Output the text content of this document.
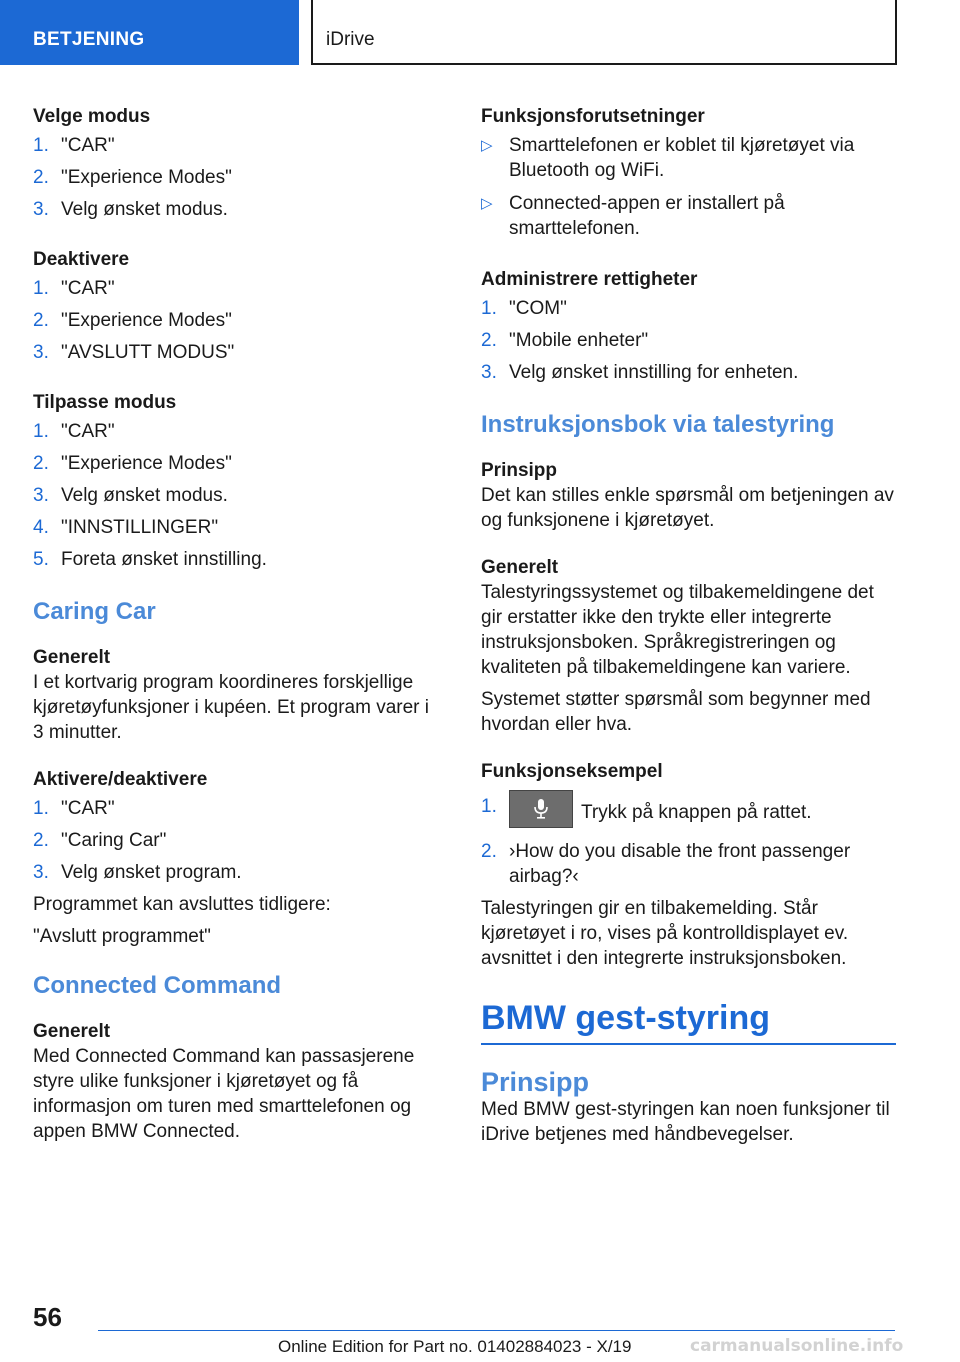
BETJENING	iDrive

Velge modus

1. "CAR"
2. "Experience Modes"
3. Velg ønsket modus.

Deaktivere

1. "CAR"
2. "Experience Modes"
3. "AVSLUTT MODUS"

Tilpasse modus

1. "CAR"
2. "Experience Modes"
3. Velg ønsket modus.
4. "INNSTILLINGER"
5. Foreta ønsket innstilling.

Caring Car

Generelt

I et kortvarig program koordineres forskjellige kjøretøyfunksjoner i kupéen. Et program varer i 3 minutter.

Aktivere/deaktivere

1. "CAR"
2. "Caring Car"
3. Velg ønsket program.

Programmet kan avsluttes tidligere:

"Avslutt programmet"

Connected Command

Generelt

Med Connected Command kan passasjerene styre ulike funksjoner i kjøretøyet og få informasjon om turen med smarttelefonen og appen BMW Connected.

Funksjonsforutsetninger

▷ Smarttelefonen er koblet til kjøretøyet via Bluetooth og WiFi.
▷ Connected-appen er installert på smarttelefonen.

Administrere rettigheter

1. "COM"
2. "Mobile enheter"
3. Velg ønsket innstilling for enheten.

Instruksjonsbok via talestyring

Prinsipp

Det kan stilles enkle spørsmål om betjeningen av og funksjonene i kjøretøyet.

Generelt

Talestyringssystemet og tilbakemeldingene det gir erstatter ikke den trykte eller integrerte instruksjonsboken. Språkregistreringen og kvaliteten på tilbakemeldingene kan variere.

Systemet støtter spørsmål som begynner med hvordan eller hva.

Funksjonseksempel

1.	Trykk på knappen på rattet.
2. ›How do you disable the front passenger airbag?‹

Talestyringen gir en tilbakemelding. Står kjøretøyet i ro, vises på kontrolldisplayet ev. avsnittet i den integrerte instruksjonsboken.

BMW gest-styring

Prinsipp

Med BMW gest-styringen kan noen funksjoner til iDrive betjenes med håndbevegelser.

56
Online Edition for Part no. 01402884023 - X/19	carmanualsonline.info
